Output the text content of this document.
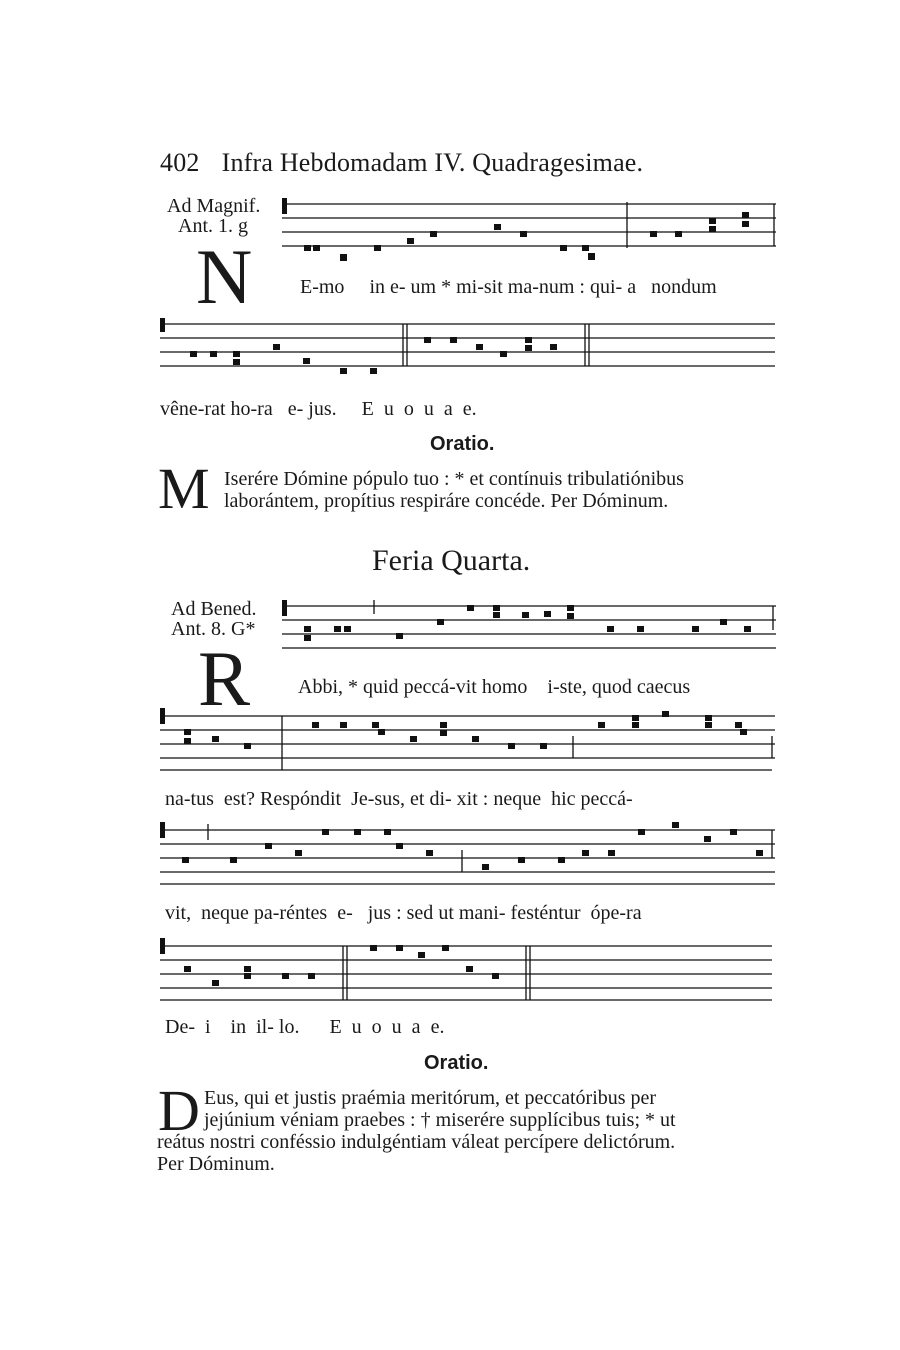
402 Infra Hebdomadam IV. Quadragesimae.
Ad Magnif.
Ant. 1. g
N E-mo in e- um * mi-sit ma-num : qui- a nondum
vêne-rat ho-ra e- jus. E u o u a e.
Oratio.
M Iserére Dómine pópulo tuo : * et contínuis tribulatiónibus
laborántem, propítius respiráre concéde. Per Dóminum.
Feria Quarta.
Ad Bened.
Ant. 8. G*
R Abbi, * quid peccá-vit homo i-ste, quod caecus
na-tus est? Respóndit Je-sus, et di- xit : neque hic peccá-
vit, neque pa-réntes e- jus : sed ut mani- festéntur ópe-ra
De- i in il- lo. E u o u a e.
Oratio.
D Eus, qui et justis praémia meritórum, et peccatóribus per
jejúnium véniam praebes : † miserére supplícibus tuis; * ut
reátus nostri conféssio indulgéntiam váleat percípere delictórum.
Per Dóminum.
